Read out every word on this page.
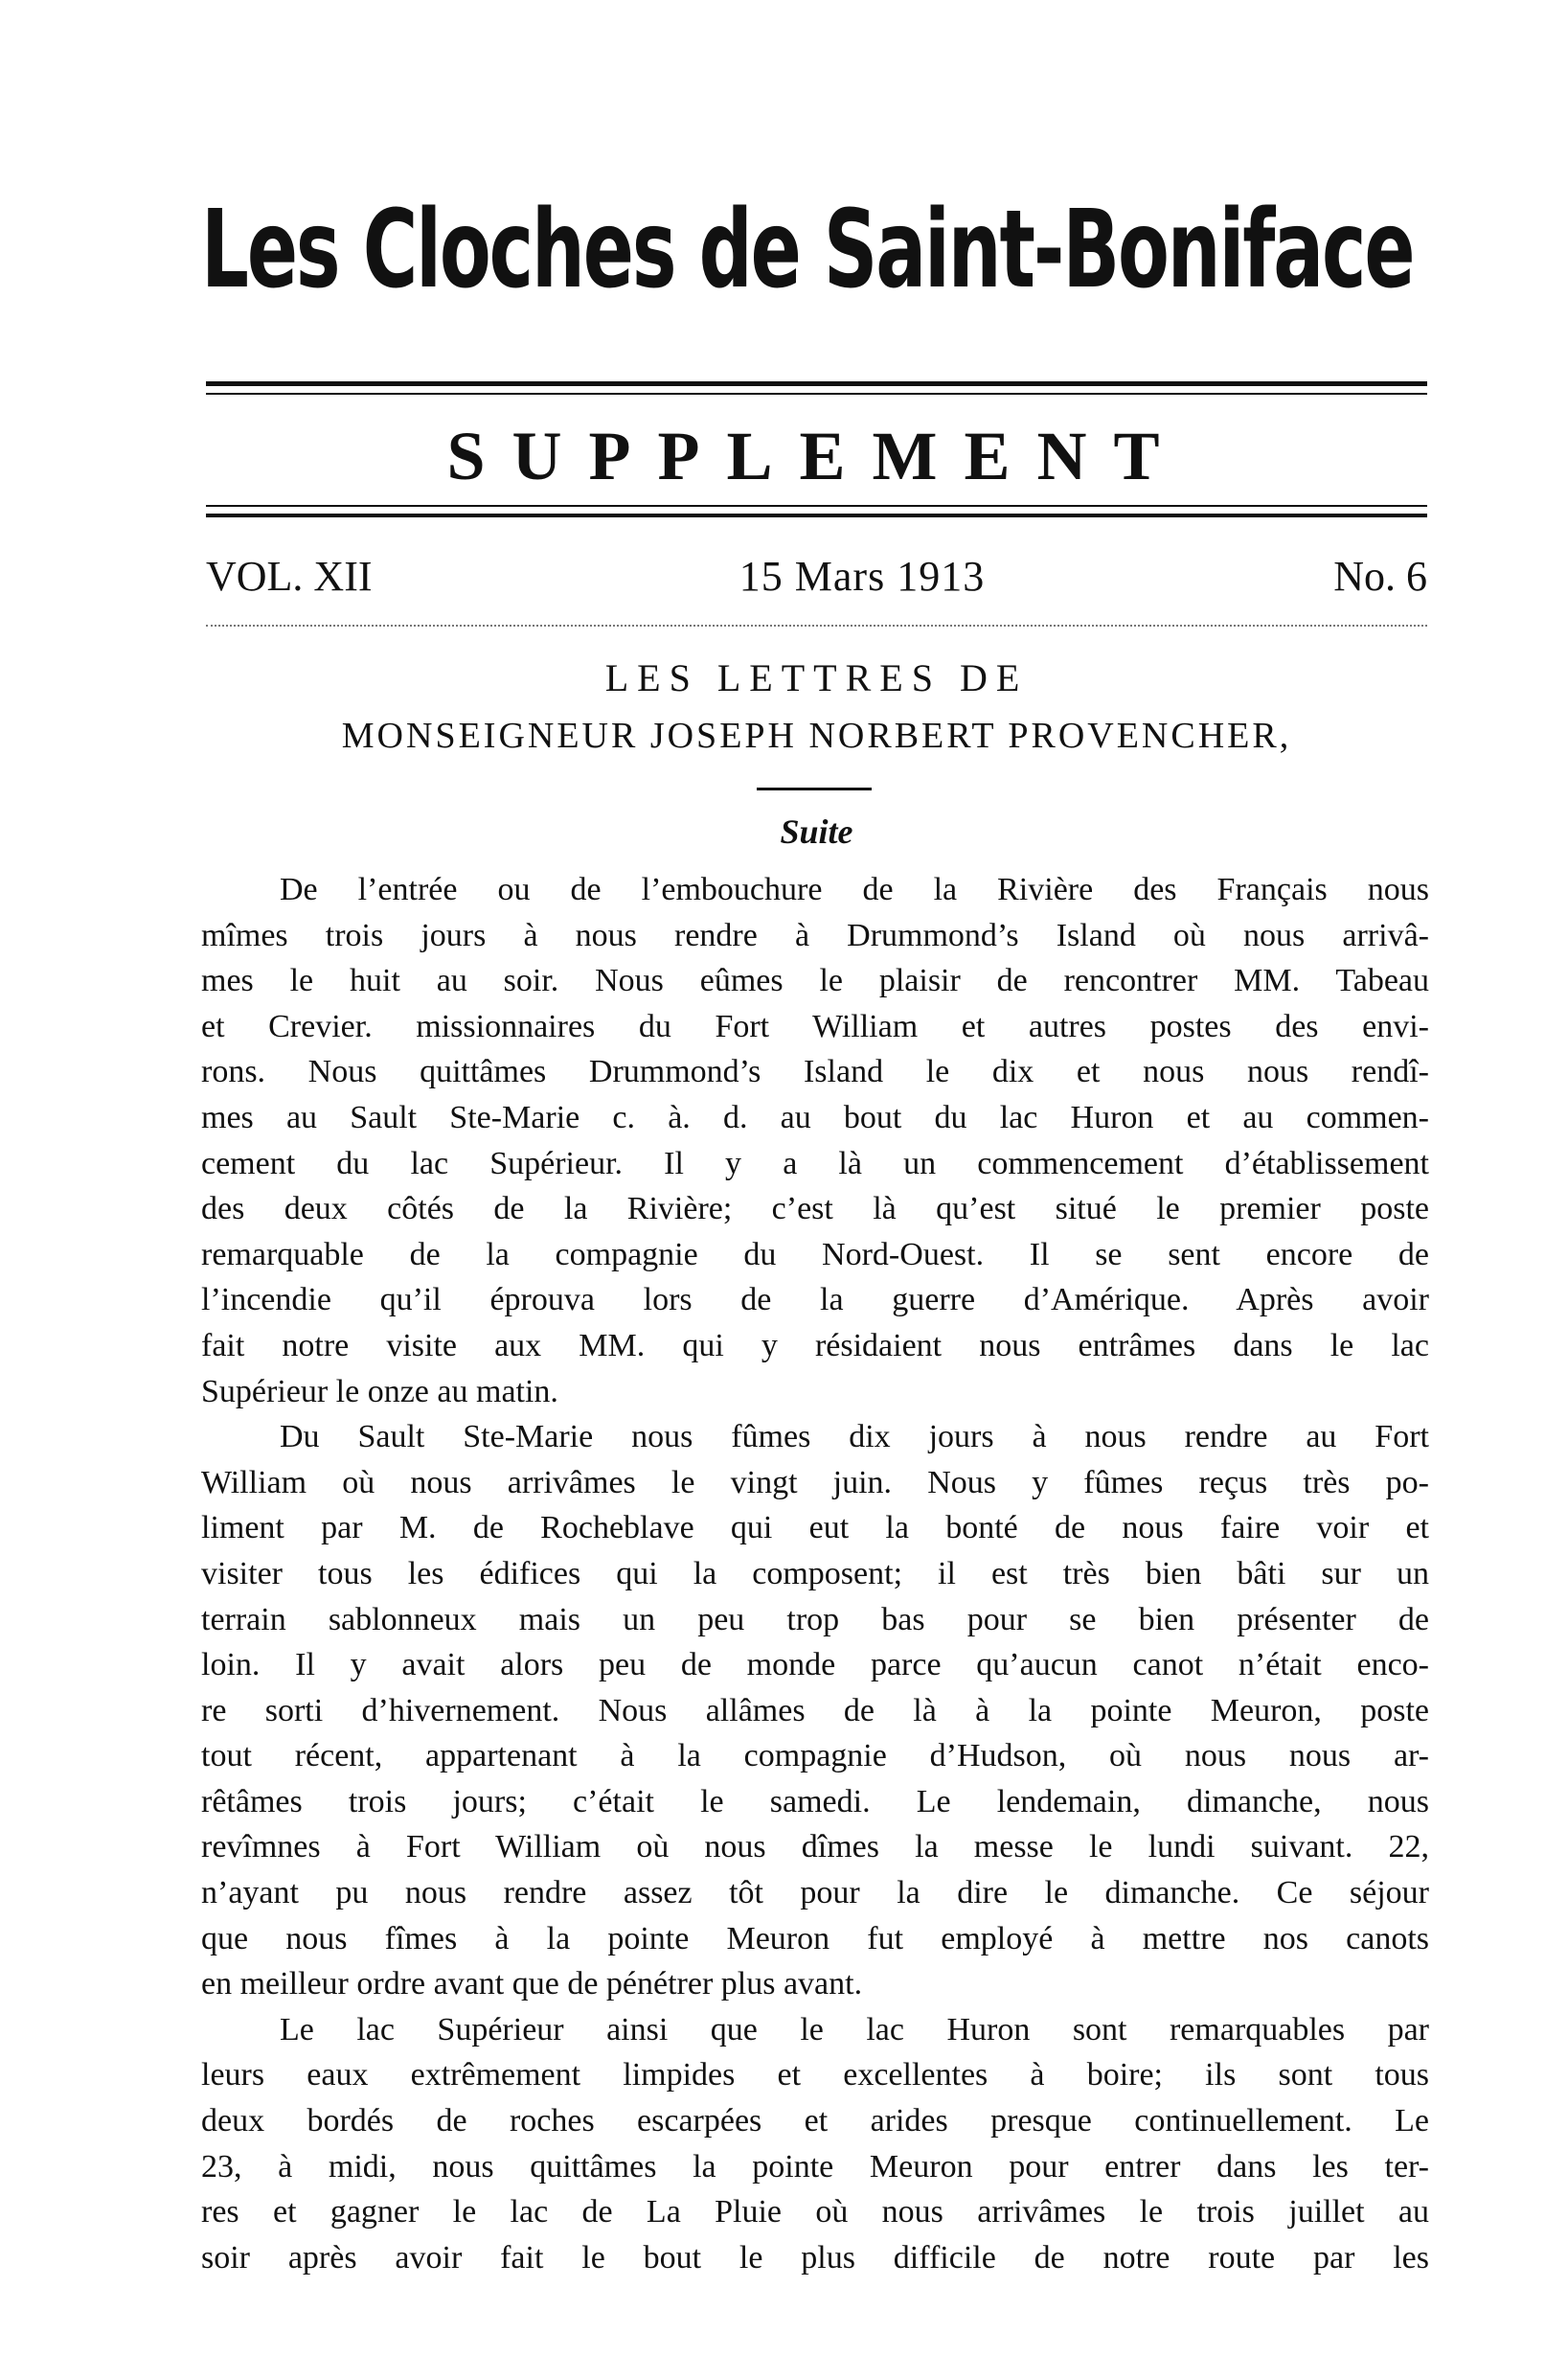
Les Cloches de Saint-Boniface
SUPPLEMENT
VOL. XII	15 Mars 1913	No. 6
LES LETTRES DE
MONSEIGNEUR JOSEPH NORBERT PROVENCHER,
Suite
De l’entrée ou de l’embouchure de la Rivière des Français nous
mîmes trois jours à nous rendre à Drummond’s Island où nous arrivâ-
mes le huit au soir. Nous eûmes le plaisir de rencontrer MM. Tabeau
et Crevier. missionnaires du Fort William et autres postes des envi-
rons. Nous quittâmes Drummond’s Island le dix et nous nous rendî-
mes au Sault Ste-Marie c. à. d. au bout du lac Huron et au commen-
cement du lac Supérieur. Il y a là un commencement d’établissement
des deux côtés de la Rivière; c’est là qu’est situé le premier poste
remarquable de la compagnie du Nord-Ouest. Il se sent encore de
l’incendie qu’il éprouva lors de la guerre d’Amérique. Après avoir
fait notre visite aux MM. qui y résidaient nous entrâmes dans le lac
Supérieur le onze au matin.
Du Sault Ste-Marie nous fûmes dix jours à nous rendre au Fort
William où nous arrivâmes le vingt juin. Nous y fûmes reçus très po-
liment par M. de Rocheblave qui eut la bonté de nous faire voir et
visiter tous les édifices qui la composent; il est très bien bâti sur un
terrain sablonneux mais un peu trop bas pour se bien présenter de
loin. Il y avait alors peu de monde parce qu’aucun canot n’était enco-
re sorti d’hivernement. Nous allâmes de là à la pointe Meuron, poste
tout récent, appartenant à la compagnie d’Hudson, où nous nous ar-
rêtâmes trois jours; c’était le samedi. Le lendemain, dimanche, nous
revîmnes à Fort William où nous dîmes la messe le lundi suivant. 22,
n’ayant pu nous rendre assez tôt pour la dire le dimanche. Ce séjour
que nous fîmes à la pointe Meuron fut employé à mettre nos canots
en meilleur ordre avant que de pénétrer plus avant.
Le lac Supérieur ainsi que le lac Huron sont remarquables par
leurs eaux extrêmement limpides et excellentes à boire; ils sont tous
deux bordés de roches escarpées et arides presque continuellement. Le
23, à midi, nous quittâmes la pointe Meuron pour entrer dans les ter-
res et gagner le lac de La Pluie où nous arrivâmes le trois juillet au
soir après avoir fait le bout le plus difficile de notre route par les
